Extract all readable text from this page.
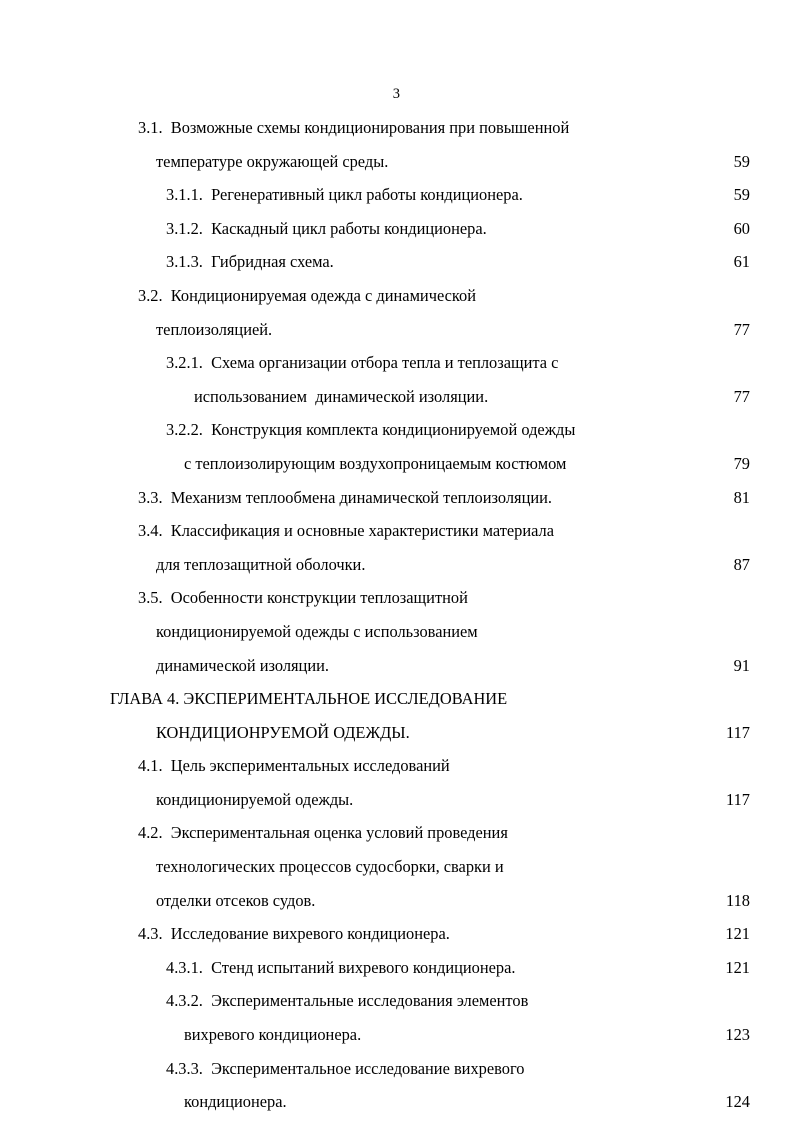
3
3.1.  Возможные схемы кондиционирования при повышенной
температуре окружающей среды.	59
3.1.1.  Регенеративный цикл работы кондиционера.	59
3.1.2.  Каскадный цикл работы кондиционера.	60
3.1.3.  Гибридная схема.	61
3.2.  Кондиционируемая одежда с динамической
теплоизоляцией.	77
3.2.1.  Схема организации отбора тепла и теплозащита с
использованием  динамической изоляции.	77
3.2.2.  Конструкция комплекта кондиционируемой одежды
с теплоизолирующим воздухопроницаемым костюмом	79
3.3.  Механизм теплообмена динамической теплоизоляции.	81
3.4.  Классификация и основные характеристики материала
для теплозащитной оболочки.	87
3.5.  Особенности конструкции теплозащитной
кондиционируемой одежды с использованием
динамической изоляции.	91
ГЛАВА 4. ЭКСПЕРИМЕНТАЛЬНОЕ ИССЛЕДОВАНИЕ
КОНДИЦИОНРУЕМОЙ ОДЕЖДЫ.	117
4.1.  Цель экспериментальных исследований
кондиционируемой одежды.	117
4.2.  Экспериментальная оценка условий проведения
технологических процессов судосборки, сварки и
отделки отсеков судов.	118
4.3.  Исследование вихревого кондиционера.	121
4.3.1.  Стенд испытаний вихревого кондиционера.	121
4.3.2.  Экспериментальные исследования элементов
вихревого кондиционера.	123
4.3.3.  Экспериментальное исследование вихревого
кондиционера.	124
